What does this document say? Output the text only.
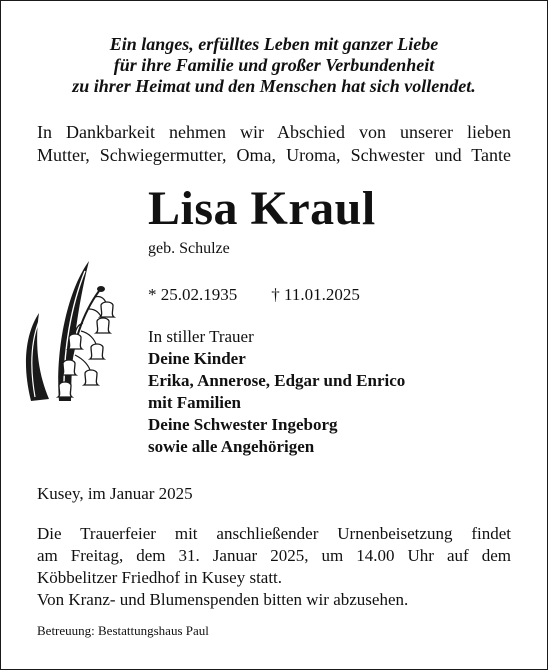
Ein langes, erfülltes Leben mit ganzer Liebe
für ihre Familie und großer Verbundenheit
zu ihrer Heimat und den Menschen hat sich vollendet.
In Dankbarkeit nehmen wir Abschied von unserer lieben
Mutter, Schwiegermutter, Oma, Uroma, Schwester und Tante
Lisa Kraul
geb. Schulze
* 25.02.1935 † 11.01.2025
In stiller Trauer
Deine Kinder
Erika, Annerose, Edgar und Enrico
mit Familien
Deine Schwester Ingeborg
sowie alle Angehörigen
Kusey, im Januar 2025
Die Trauerfeier mit anschließender Urnenbeisetzung findet
am Freitag, dem 31. Januar 2025, um 14.00 Uhr auf dem
Köbbelitzer Friedhof in Kusey statt.
Von Kranz- und Blumenspenden bitten wir abzusehen.
Betreuung: Bestattungshaus Paul
